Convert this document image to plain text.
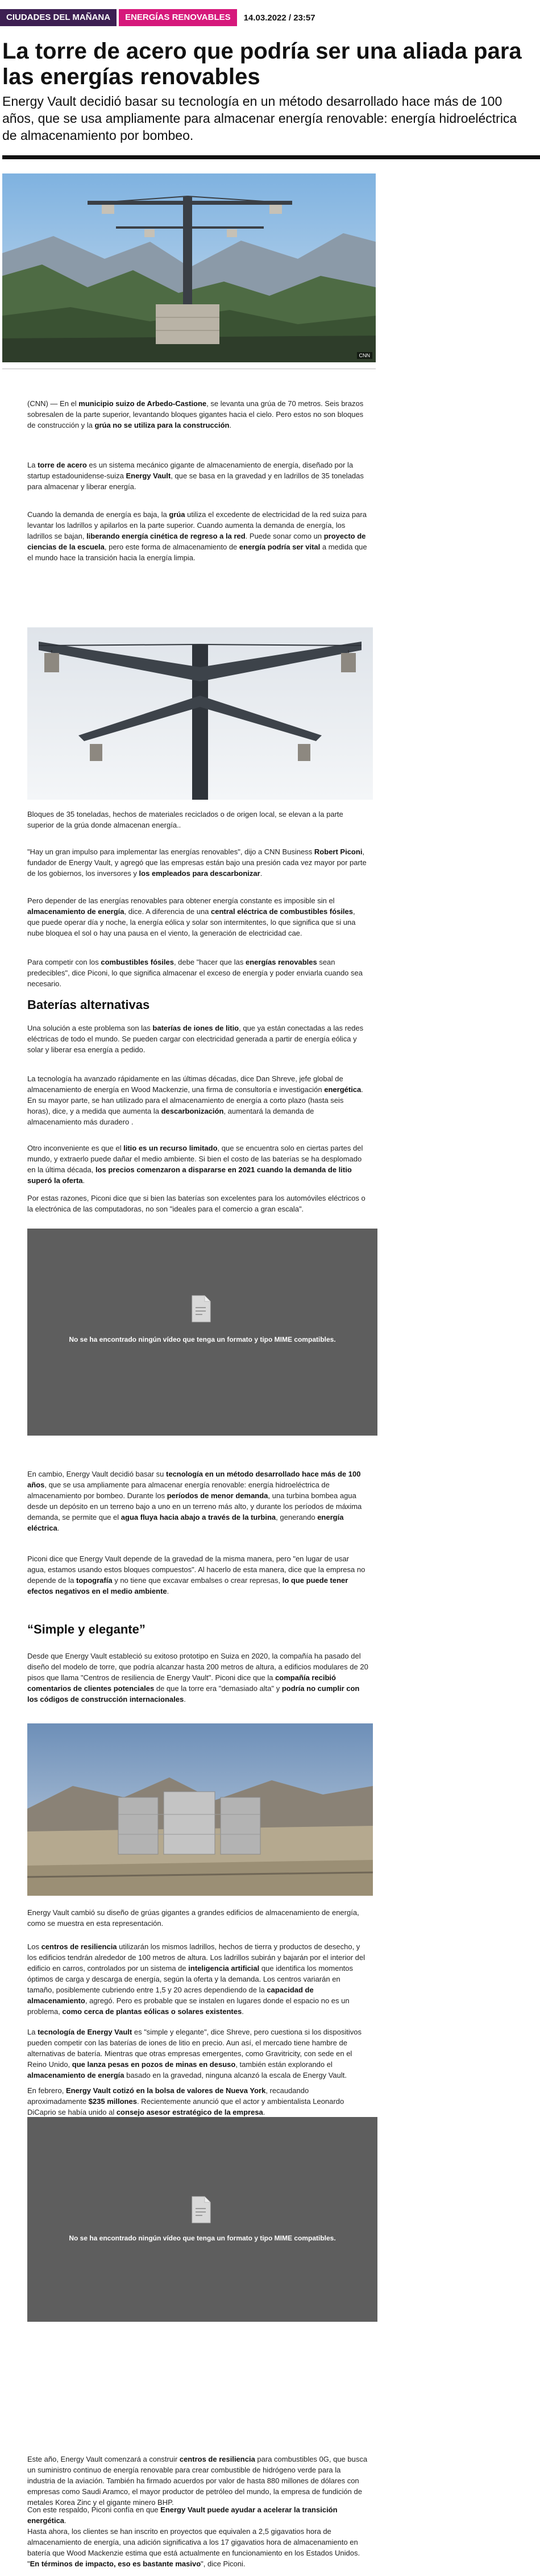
CIUDADES DEL MAÑANA	ENERGÍAS RENOVABLES	14.03.2022 / 23:57
La torre de acero que podría ser una aliada para las energías renovables

Energy Vault decidió basar su tecnología en un método desarrollado hace más de 100 años, que se usa ampliamente para almacenar energía renovable: energía hidroeléctrica de almacenamiento por bombeo.

CNN

(CNN) — En el municipio suizo de Arbedo-Castione, se levanta una grúa de 70 metros. Seis brazos sobresalen de la parte superior, levantando bloques gigantes hacia el cielo. Pero estos no son bloques de construcción y la grúa no se utiliza para la construcción.

La torre de acero es un sistema mecánico gigante de almacenamiento de energía, diseñado por la startup estadounidense-suiza Energy Vault, que se basa en la gravedad y en ladrillos de 35 toneladas para almacenar y liberar energía.

Cuando la demanda de energía es baja, la grúa utiliza el excedente de electricidad de la red suiza para levantar los ladrillos y apilarlos en la parte superior. Cuando aumenta la demanda de energía, los ladrillos se bajan, liberando energía cinética de regreso a la red. Puede sonar como un proyecto de ciencias de la escuela, pero este forma de almacenamiento de energía podría ser vital a medida que el mundo hace la transición hacia la energía limpia.

Bloques de 35 toneladas, hechos de materiales reciclados o de origen local, se elevan a la parte superior de la grúa donde almacenan energía..

"Hay un gran impulso para implementar las energías renovables", dijo a CNN Business Robert Piconi, fundador de Energy Vault, y agregó que las empresas están bajo una presión cada vez mayor por parte de los gobiernos, los inversores y los empleados para descarbonizar.

Pero depender de las energías renovables para obtener energía constante es imposible sin el almacenamiento de energía, dice. A diferencia de una central eléctrica de combustibles fósiles, que puede operar día y noche, la energía eólica y solar son intermitentes, lo que significa que si una nube bloquea el sol o hay una pausa en el viento, la generación de electricidad cae.

Para competir con los combustibles fósiles, debe "hacer que las energías renovables sean predecibles", dice Piconi, lo que significa almacenar el exceso de energía y poder enviarla cuando sea necesario.

Baterías alternativas

Una solución a este problema son las baterías de iones de litio, que ya están conectadas a las redes eléctricas de todo el mundo. Se pueden cargar con electricidad generada a partir de energía eólica y solar y liberar esa energía a pedido.

La tecnología ha avanzado rápidamente en las últimas décadas, dice Dan Shreve, jefe global de almacenamiento de energía en Wood Mackenzie, una firma de consultoría e investigación energética. En su mayor parte, se han utilizado para el almacenamiento de energía a corto plazo (hasta seis horas), dice, y a medida que aumenta la descarbonización, aumentará la demanda de almacenamiento más duradero .

Otro inconveniente es que el litio es un recurso limitado, que se encuentra solo en ciertas partes del mundo, y extraerlo puede dañar el medio ambiente. Si bien el costo de las baterías se ha desplomado en la última década, los precios comenzaron a dispararse en 2021 cuando la demanda de litio superó la oferta.

Por estas razones, Piconi dice que si bien las baterías son excelentes para los automóviles eléctricos o la electrónica de las computadoras, no son "ideales para el comercio a gran escala".

No se ha encontrado ningún vídeo que tenga un formato y tipo MIME compatibles.

En cambio, Energy Vault decidió basar su tecnología en un método desarrollado hace más de 100 años, que se usa ampliamente para almacenar energía renovable: energía hidroeléctrica de almacenamiento por bombeo. Durante los períodos de menor demanda, una turbina bombea agua desde un depósito en un terreno bajo a uno en un terreno más alto, y durante los períodos de máxima demanda, se permite que el agua fluya hacia abajo a través de la turbina, generando energía eléctrica.

Piconi dice que Energy Vault depende de la gravedad de la misma manera, pero "en lugar de usar agua, estamos usando estos bloques compuestos". Al hacerlo de esta manera, dice que la empresa no depende de la topografía y no tiene que excavar embalses o crear represas, lo que puede tener efectos negativos en el medio ambiente.

“Simple y elegante”

Desde que Energy Vault estableció su exitoso prototipo en Suiza en 2020, la compañía ha pasado del diseño del modelo de torre, que podría alcanzar hasta 200 metros de altura, a edificios modulares de 20 pisos que llama "Centros de resiliencia de Energy Vault". Piconi dice que la compañía recibió comentarios de clientes potenciales de que la torre era "demasiado alta" y podría no cumplir con los códigos de construcción internacionales.

Energy Vault cambió su diseño de grúas gigantes a grandes edificios de almacenamiento de energía, como se muestra en esta representación.

Los centros de resiliencia utilizarán los mismos ladrillos, hechos de tierra y productos de desecho, y los edificios tendrán alrededor de 100 metros de altura. Los ladrillos subirán y bajarán por el interior del edificio en carros, controlados por un sistema de inteligencia artificial que identifica los momentos óptimos de carga y descarga de energía, según la oferta y la demanda. Los centros variarán en tamaño, posiblemente cubriendo entre 1,5 y 20 acres dependiendo de la capacidad de almacenamiento, agregó. Pero es probable que se instalen en lugares donde el espacio no es un problema, como cerca de plantas eólicas o solares existentes.

La tecnología de Energy Vault es "simple y elegante", dice Shreve, pero cuestiona si los dispositivos pueden competir con las baterías de iones de litio en precio. Aun así, el mercado tiene hambre de alternativas de batería. Mientras que otras empresas emergentes, como Gravitricity, con sede en el Reino Unido, que lanza pesas en pozos de minas en desuso, también están explorando el almacenamiento de energía basado en la gravedad, ninguna alcanzó la escala de Energy Vault.

En febrero, Energy Vault cotizó en la bolsa de valores de Nueva York, recaudando aproximadamente $235 millones. Recientemente anunció que el actor y ambientalista Leonardo DiCaprio se había unido al consejo asesor estratégico de la empresa.

No se ha encontrado ningún vídeo que tenga un formato y tipo MIME compatibles.

Este año, Energy Vault comenzará a construir centros de resiliencia para combustibles 0G, que busca un suministro continuo de energía renovable para crear combustible de hidrógeno verde para la industria de la aviación. También ha firmado acuerdos por valor de hasta 880 millones de dólares con empresas como Saudi Aramco, el mayor productor de petróleo del mundo, la empresa de fundición de metales Korea Zinc y el gigante minero BHP.

Con este respaldo, Piconi confía en que Energy Vault puede ayudar a acelerar la transición energética.

Hasta ahora, los clientes se han inscrito en proyectos que equivalen a 2,5 gigavatios hora de almacenamiento de energía, una adición significativa a los 17 gigavatios hora de almacenamiento en batería que Wood Mackenzie estima que está actualmente en funcionamiento en los Estados Unidos. "En términos de impacto, eso es bastante masivo", dice Piconi.
